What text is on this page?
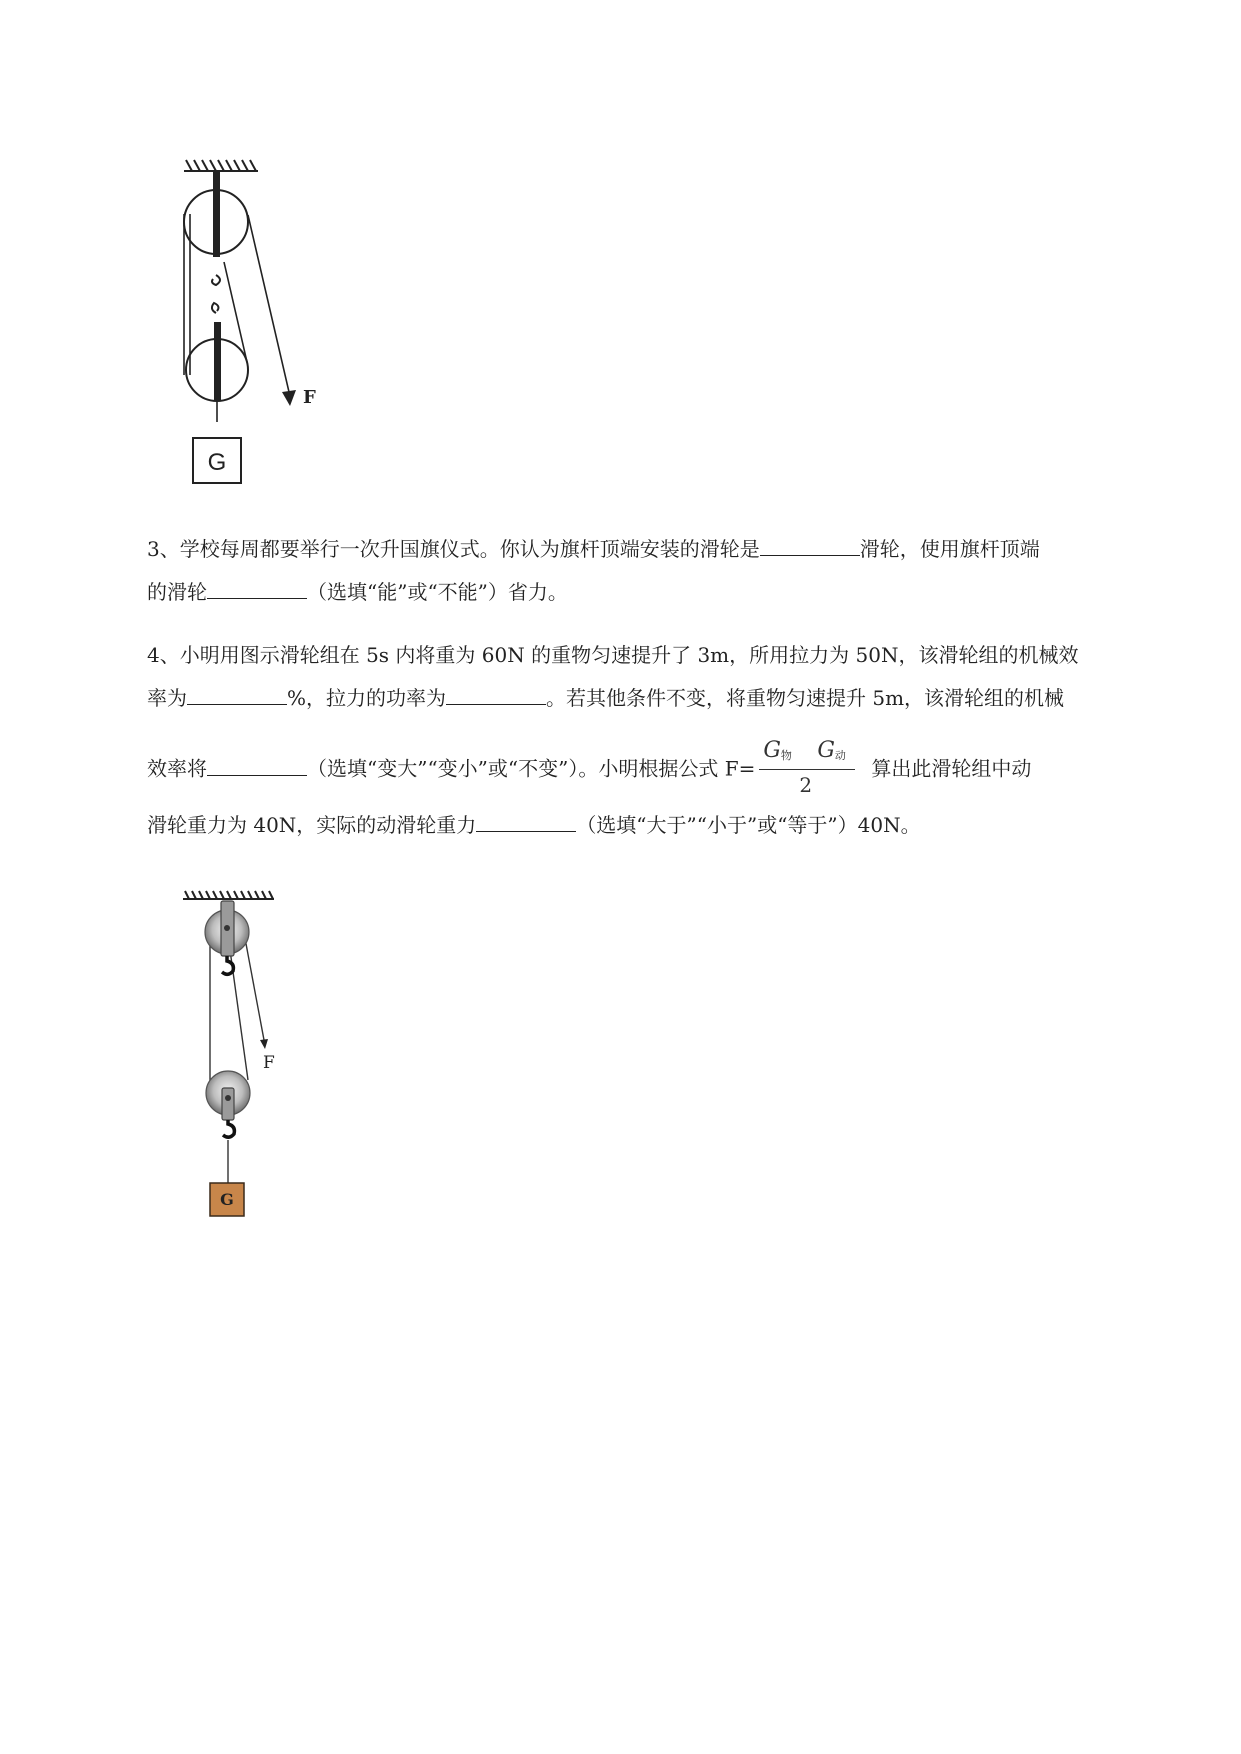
F
G
3、学校每周都要举行一次升国旗仪式。你认为旗杆顶端安装的滑轮是	滑轮，使用旗杆顶端
的滑轮	（选填“能”或“不能”）省力。
4、小明用图示滑轮组在 5s 内将重为 60N 的重物匀速提升了 3m，所用拉力为 50N，该滑轮组的机械效
率为	%，拉力的功率为	。若其他条件不变，将重物匀速提升 5m，该滑轮组的机械
效率将	（选填“变大”“变小”或“不变”）。小明根据公式 $F= \frac{G_物 G_动}{2}$ 算出此滑轮组中动
滑轮重力为 40N，实际的动滑轮重力	（选填“大于”“小于”或“等于”）40N。
F
G
